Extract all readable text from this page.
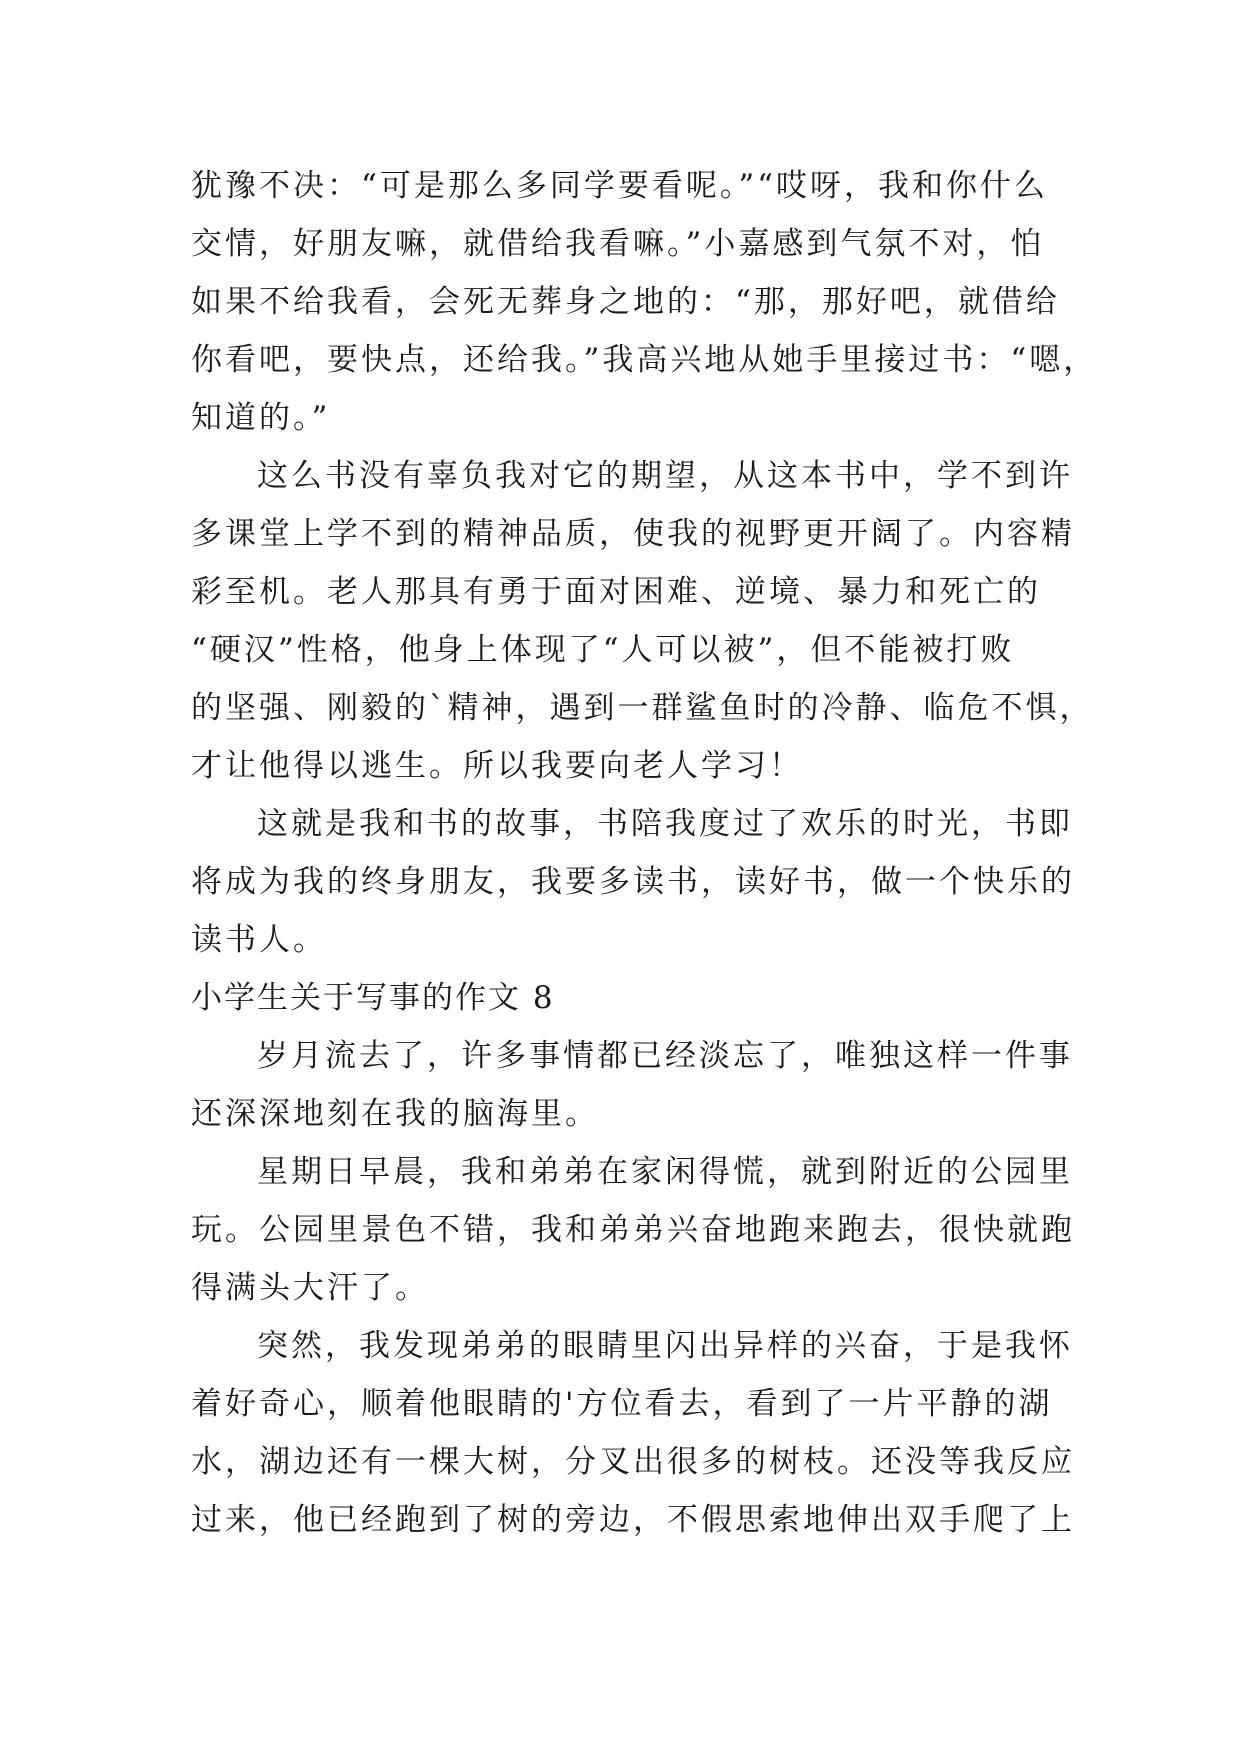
犹豫不决：“可是那么多同学要看呢。”“哎呀，我和你什么
交情，好朋友嘛，就借给我看嘛。”小嘉感到气氛不对，怕
如果不给我看，会死无葬身之地的：“那，那好吧，就借给
你看吧，要快点，还给我。”我高兴地从她手里接过书：“嗯，
知道的。”
这么书没有辜负我对它的期望，从这本书中，学不到许
多课堂上学不到的精神品质，使我的视野更开阔了。内容精
彩至机。老人那具有勇于面对困难、逆境、暴力和死亡的
“硬汉”性格，他身上体现了“人可以被”，但不能被打败
的坚强、刚毅的`精神，遇到一群鲨鱼时的冷静、临危不惧，
才让他得以逃生。所以我要向老人学习！
这就是我和书的故事，书陪我度过了欢乐的时光，书即
将成为我的终身朋友，我要多读书，读好书，做一个快乐的
读书人。
小学生关于写事的作文 8
岁月流去了，许多事情都已经淡忘了，唯独这样一件事
还深深地刻在我的脑海里。
星期日早晨，我和弟弟在家闲得慌，就到附近的公园里
玩。公园里景色不错，我和弟弟兴奋地跑来跑去，很快就跑
得满头大汗了。
突然，我发现弟弟的眼睛里闪出异样的兴奋，于是我怀
着好奇心，顺着他眼睛的'方位看去，看到了一片平静的湖
水，湖边还有一棵大树，分叉出很多的树枝。还没等我反应
过来，他已经跑到了树的旁边，不假思索地伸出双手爬了上
